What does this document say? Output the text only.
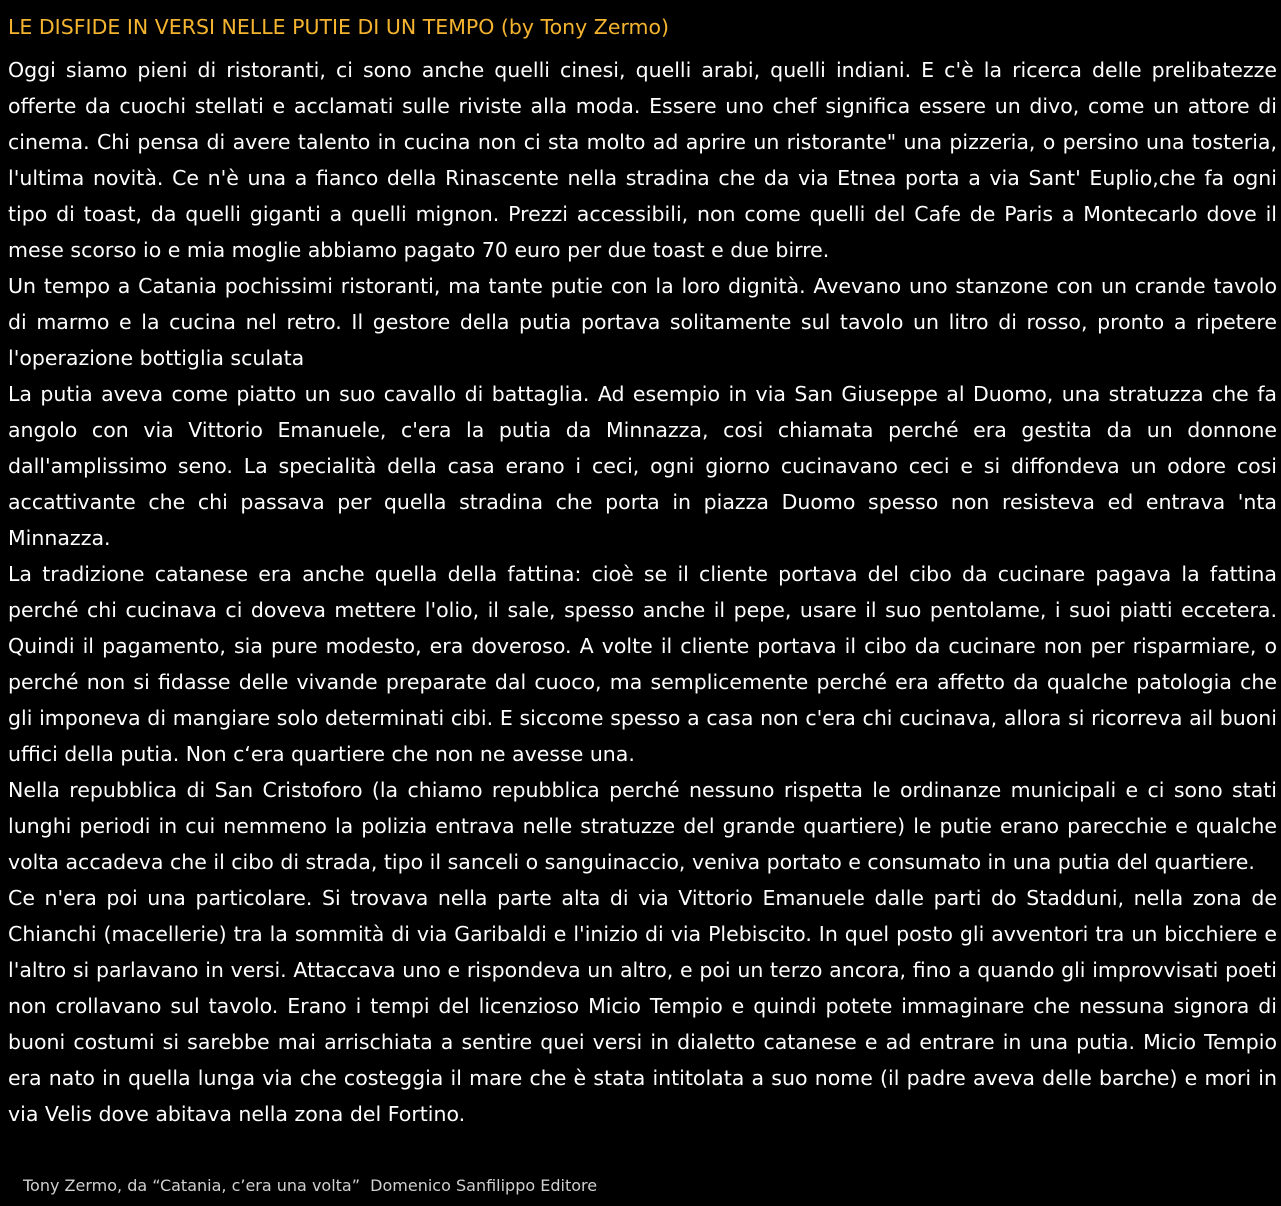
LE DISFIDE IN VERSI NELLE PUTIE DI UN TEMPO (by Tony Zermo)

Oggi siamo pieni di ristoranti, ci sono anche quelli cinesi, quelli arabi, quelli indiani. E c'è la ricerca delle prelibatezze offerte da cuochi stellati e acclamati sulle riviste alla moda. Essere uno chef significa essere un divo, come un attore di cinema. Chi pensa di avere talento in cucina non ci sta molto ad aprire un ristorante" una pizzeria, o persino una tosteria, l'ultima novità. Ce n'è una a fianco della Rinascente nella stradina che da via Etnea porta a via Sant' Euplio,che fa ogni tipo di toast, da quelli giganti a quelli mignon. Prezzi accessibili, non come quelli del Cafe de Paris a Montecarlo dove il mese scorso io e mia moglie abbiamo pagato 70 euro per due toast e due birre.

Un tempo a Catania pochissimi ristoranti, ma tante putie con la loro dignità. Avevano uno stanzone con un crande tavolo di marmo e la cucina nel retro. Il gestore della putia portava solitamente sul tavolo un litro di rosso, pronto a ripetere l'operazione bottiglia sculata

La putia aveva come piatto un suo cavallo di battaglia. Ad esempio in via San Giuseppe al Duomo, una stratuzza che fa angolo con via Vittorio Emanuele, c'era la putia da Minnazza, cosi chiamata perché era gestita da un donnone dall'amplissimo seno. La specialità della casa erano i ceci, ogni giorno cucinavano ceci e si diffondeva un odore cosi accattivante che chi passava per quella stradina che porta in piazza Duomo spesso non resisteva ed entrava 'nta Minnazza.

La tradizione catanese era anche quella della fattina: cioè se il cliente portava del cibo da cucinare pagava la fattina perché chi cucinava ci doveva mettere l'olio, il sale, spesso anche il pepe, usare il suo pentolame, i suoi piatti eccetera. Quindi il pagamento, sia pure modesto, era doveroso. A volte il cliente portava il cibo da cucinare non per risparmiare, o perché non si fidasse delle vivande preparate dal cuoco, ma semplicemente perché era affetto da qualche patologia che gli imponeva di mangiare solo determinati cibi. E siccome spesso a casa non c'era chi cucinava, allora si ricorreva ail buoni uffici della putia. Non c‘era quartiere che non ne avesse una.

Nella repubblica di San Cristoforo (la chiamo repubblica perché nessuno rispetta le ordinanze municipali e ci sono stati lunghi periodi in cui nemmeno la polizia entrava nelle stratuzze del grande quartiere) le putie erano parecchie e qualche volta accadeva che il cibo di strada, tipo il sanceli o sanguinaccio, veniva portato e consumato in una putia del quartiere.

Ce n'era poi una particolare. Si trovava nella parte alta di via Vittorio Emanuele dalle parti do Stadduni, nella zona de Chianchi (macellerie) tra la sommità di via Garibaldi e l'inizio di via Plebiscito. In quel posto gli avventori tra un bicchiere e l'altro si parlavano in versi. Attaccava uno e rispondeva un altro, e poi un terzo ancora, fino a quando gli improvvisati poeti non crollavano sul tavolo. Erano i tempi del licenzioso Micio Tempio e quindi potete immaginare che nessuna signora di buoni costumi si sarebbe mai arrischiata a sentire quei versi in dialetto catanese e ad entrare in una putia. Micio Tempio era nato in quella lunga via che costeggia il mare che è stata intitolata a suo nome (il padre aveva delle barche) e mori in via Velis dove abitava nella zona del Fortino.

Tony Zermo, da “Catania, c’era una volta”  Domenico Sanfilippo Editore
